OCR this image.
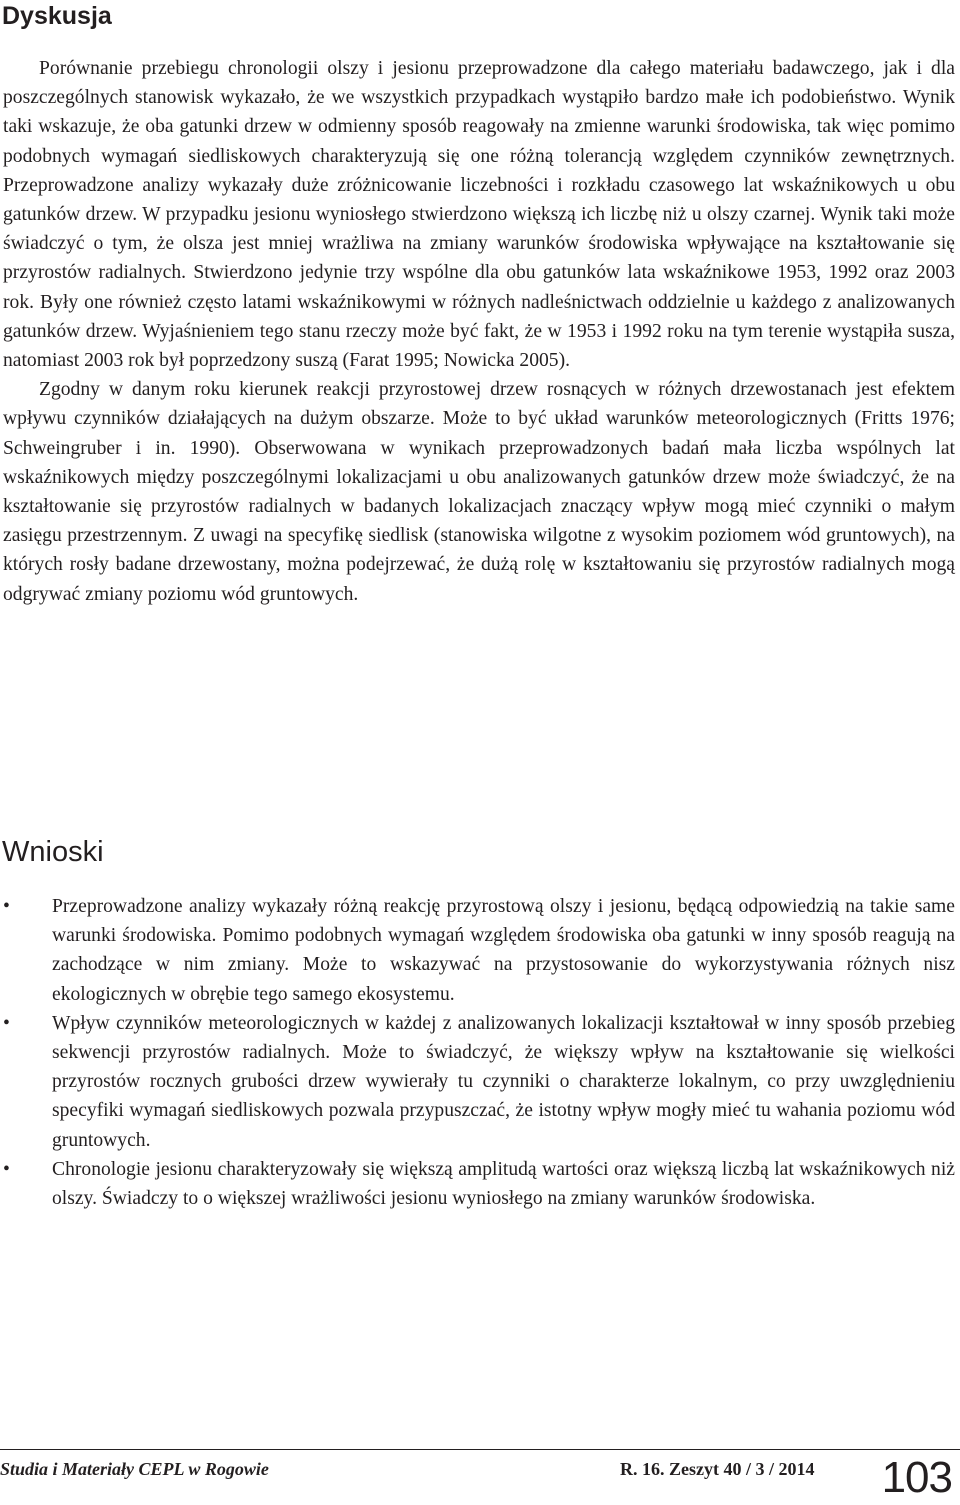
Dyskusja

Porównanie przebiegu chronologii olszy i jesionu przeprowadzone dla całego materiału badawczego, jak i dla poszczególnych stanowisk wykazało, że we wszystkich przypadkach wystąpiło bardzo małe ich podobieństwo. Wynik taki wskazuje, że oba gatunki drzew w odmienny sposób reagowały na zmienne warunki środowiska, tak więc pomimo podobnych wymagań siedliskowych charakteryzują się one różną tolerancją względem czynników zewnętrznych. Przeprowadzone analizy wykazały duże zróżnicowanie liczebności i rozkładu czasowego lat wskaźnikowych u obu gatunków drzew. W przypadku jesionu wyniosłego stwierdzono większą ich liczbę niż u olszy czarnej. Wynik taki może świadczyć o tym, że olsza jest mniej wrażliwa na zmiany warunków środowiska wpływające na kształtowanie się przyrostów radialnych. Stwierdzono jedynie trzy wspólne dla obu gatunków lata wskaźnikowe 1953, 1992 oraz 2003 rok. Były one również często latami wskaźnikowymi w różnych nadleśnictwach oddzielnie u każdego z analizowanych gatunków drzew. Wyjaśnieniem tego stanu rzeczy może być fakt, że w 1953 i 1992 roku na tym terenie wystąpiła susza, natomiast 2003 rok był poprzedzony suszą (Farat 1995; Nowicka 2005).

Zgodny w danym roku kierunek reakcji przyrostowej drzew rosnących w różnych drzewostanach jest efektem wpływu czynników działających na dużym obszarze. Może to być układ warunków meteorologicznych (Fritts 1976; Schweingruber i in. 1990). Obserwowana w wynikach przeprowadzonych badań mała liczba wspólnych lat wskaźnikowych między poszczególnymi lokalizacjami u obu analizowanych gatunków drzew może świadczyć, że na kształtowanie się przyrostów radialnych w badanych lokalizacjach znaczący wpływ mogą mieć czynniki o małym zasięgu przestrzennym. Z uwagi na specyfikę siedlisk (stanowiska wilgotne z wysokim poziomem wód gruntowych), na których rosły badane drzewostany, można podejrzewać, że dużą rolę w kształtowaniu się przyrostów radialnych mogą odgrywać zmiany poziomu wód gruntowych.

Wnioski
•	Przeprowadzone analizy wykazały różną reakcję przyrostową olszy i jesionu, będącą odpowiedzią na takie same warunki środowiska. Pomimo podobnych wymagań względem środowiska oba gatunki w inny sposób reagują na zachodzące w nim zmiany. Może to wskazywać na przystosowanie do wykorzystywania różnych nisz ekologicznych w obrębie tego samego ekosystemu.
•	Wpływ czynników meteorologicznych w każdej z analizowanych lokalizacji kształtował w inny sposób przebieg sekwencji przyrostów radialnych. Może to świadczyć, że większy wpływ na kształtowanie się wielkości przyrostów rocznych grubości drzew wywierały tu czynniki o charakterze lokalnym, co przy uwzględnieniu specyfiki wymagań siedliskowych pozwala przypuszczać, że istotny wpływ mogły mieć tu wahania poziomu wód gruntowych.
•	Chronologie jesionu charakteryzowały się większą amplitudą wartości oraz większą liczbą lat wskaźnikowych niż olszy. Świadczy to o większej wrażliwości jesionu wyniosłego na zmiany warunków środowiska.
Studia i Materiały CEPL w Rogowie	R. 16. Zeszyt 40 / 3 / 2014 103
